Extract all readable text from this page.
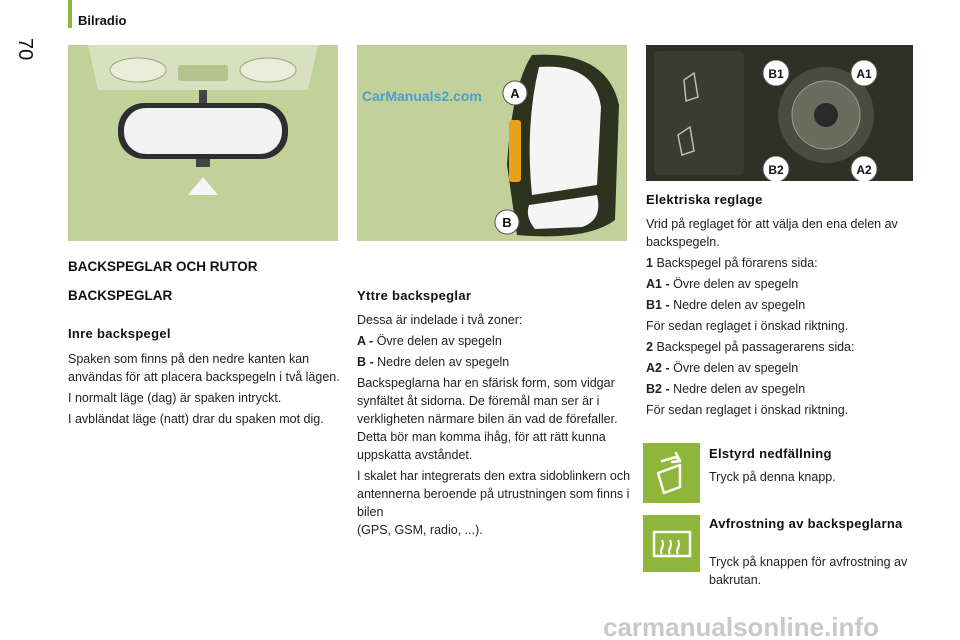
Bilradio
70
A
B
CarManuals2.com
B1	A1
B2	A2
BACKSPEGLAR OCH RUTOR
BACKSPEGLAR
Inre backspegel

Spaken som finns på den nedre kanten kan användas för att placera backspegeln i två lägen.

I normalt läge (dag) är spaken intryckt.

I avbländat läge (natt) drar du spaken mot dig.

Yttre backspeglar

Dessa är indelade i två zoner:

A - Övre delen av spegeln

B - Nedre delen av spegeln

Backspeglarna har en sfärisk form, som vidgar synfältet åt sidorna. De föremål man ser är i verkligheten närmare bilen än vad de förefaller. Detta bör man komma ihåg, för att rätt kunna uppskatta avståndet.

I skalet har integrerats den extra sidoblinkern och antennerna beroende på utrustningen som finns i bilen

(GPS, GSM, radio, ...).

Elektriska reglage

Vrid på reglaget för att välja den ena delen av backspegeln.

1 Backspegel på förarens sida:

A1 - Övre delen av spegeln

B1 - Nedre delen av spegeln

För sedan reglaget i önskad riktning.

2 Backspegel på passagerarens sida:

A2 - Övre delen av spegeln

B2 - Nedre delen av spegeln

För sedan reglaget i önskad riktning.

Elstyrd nedfällning

Tryck på denna knapp.

Avfrostning av backspeglarna

Tryck på knappen för avfrostning av bakrutan.

carmanualsonline.info
